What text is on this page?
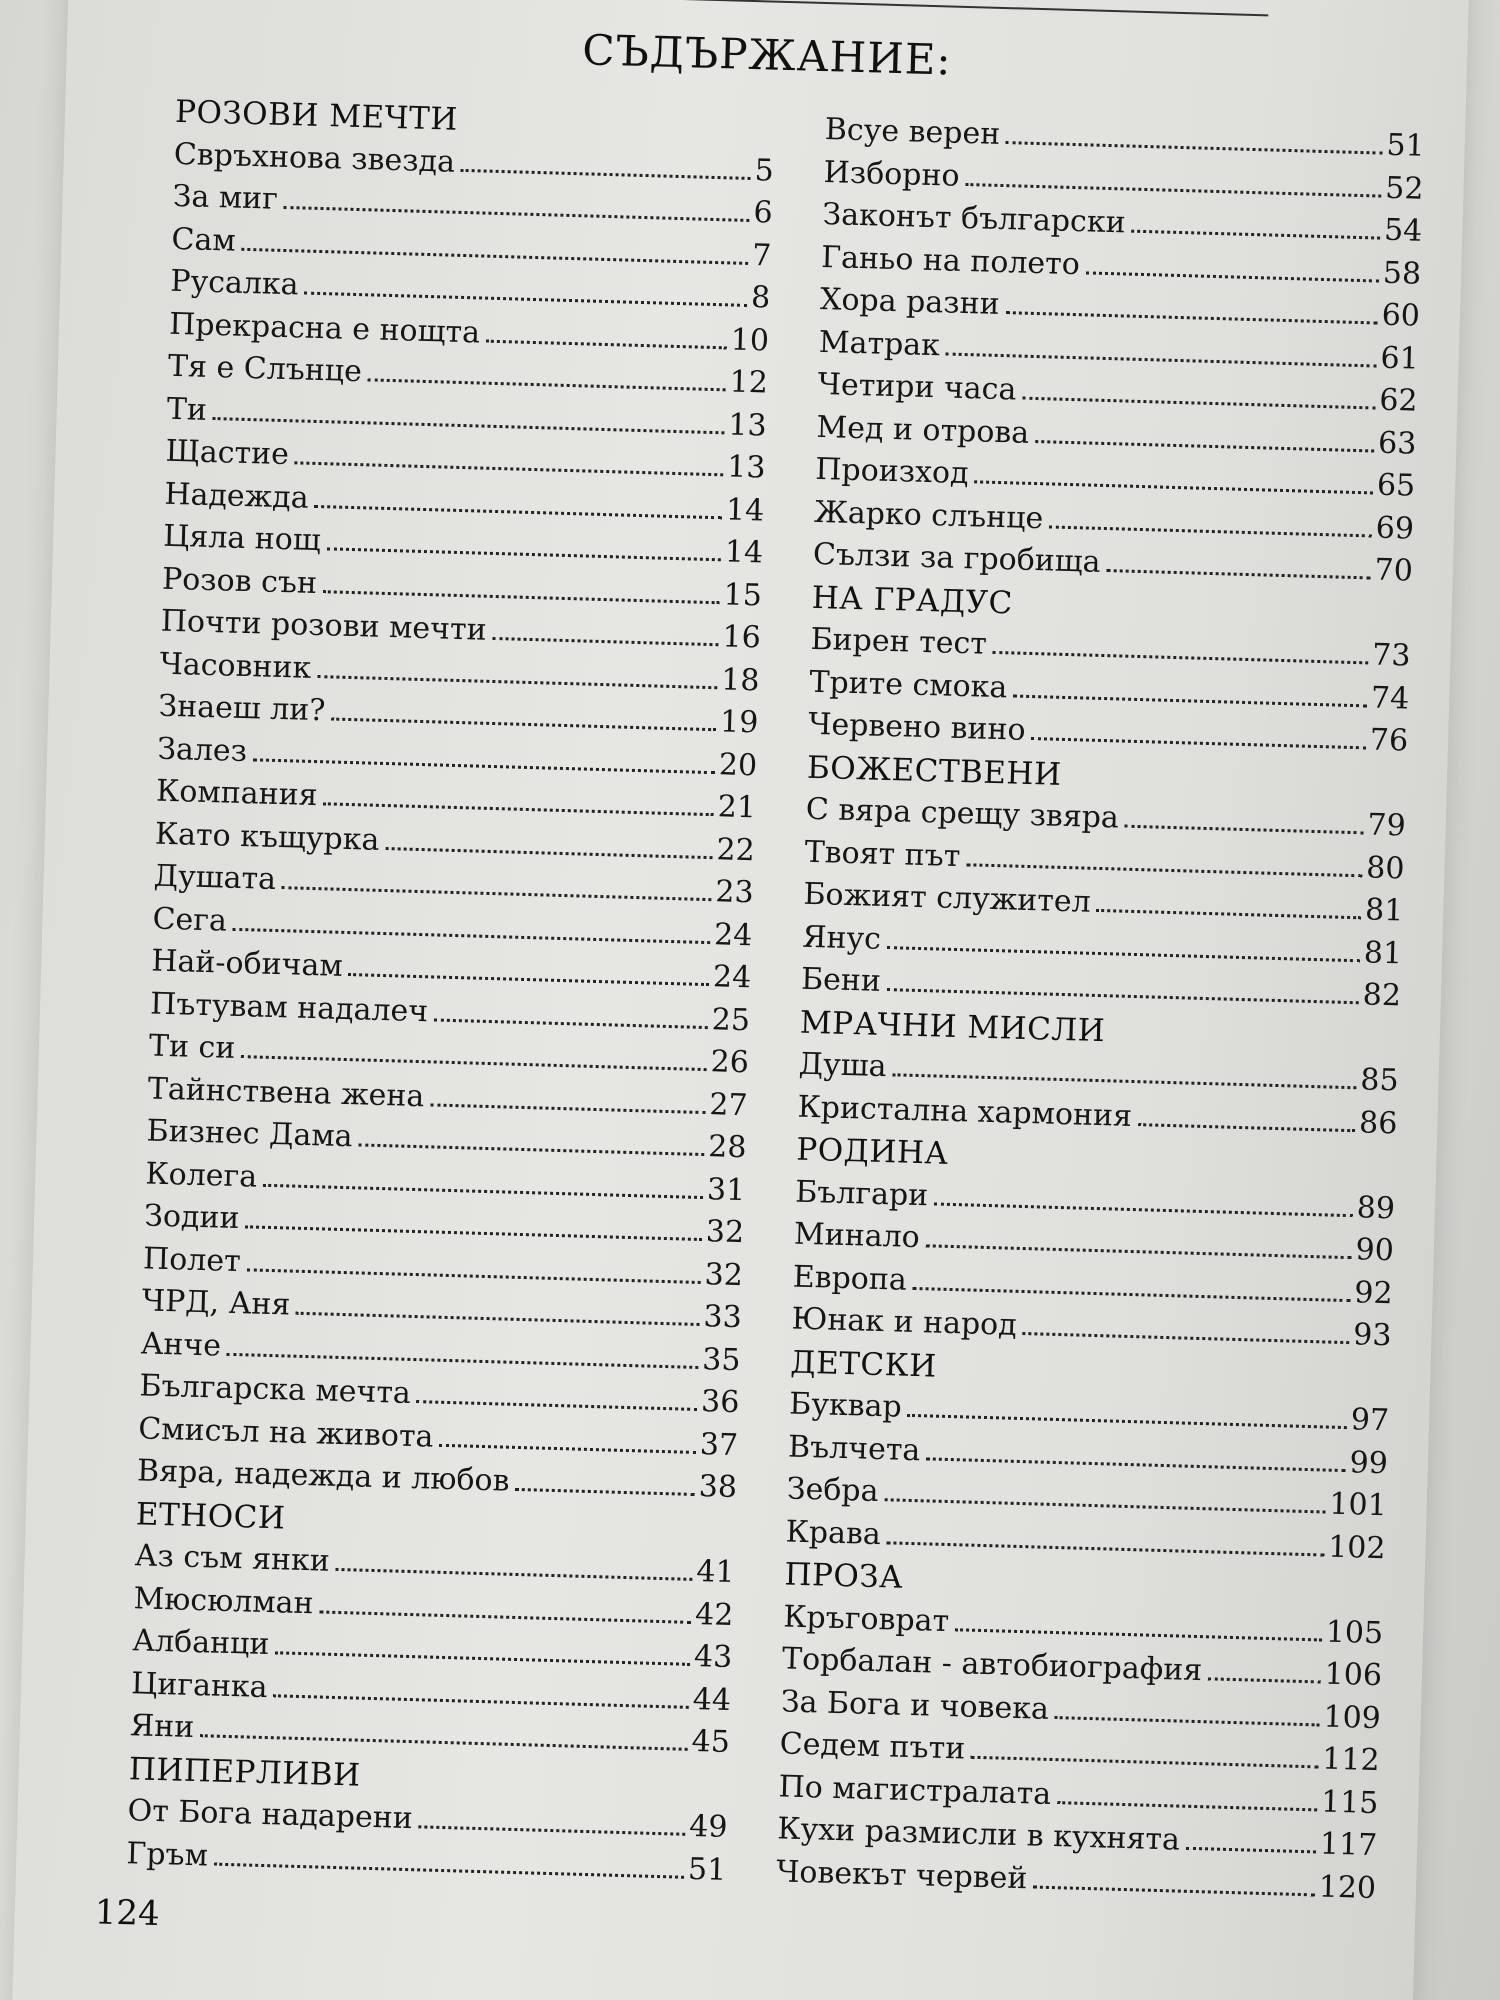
СЪДЪРЖАНИЕ:
РОЗОВИ МЕЧТИ
Свръхнова звезда	5
За миг	6
Сам	7
Русалка	8
Прекрасна е нощта	10
Тя е Слънце	12
Ти	13
Щастие	13
Надежда	14
Цяла нощ	14
Розов сън	15
Почти розови мечти	16
Часовник	18
Знаеш ли?	19
Залез	20
Компания	21
Като къщурка	22
Душата	23
Сега	24
Най-обичам	24
Пътувам надалеч	25
Ти си	26
Тайнствена жена	27
Бизнес Дама	28
Колега	31
Зодии	32
Полет	32
ЧРД, Аня	33
Анче	35
Българска мечта	36
Смисъл на живота	37
Вяра, надежда и любов	38
ЕТНОСИ
Аз съм янки	41
Мюсюлман	42
Албанци	43
Циганка	44
Яни	45
ПИПЕРЛИВИ
От Бога надарени	49
Гръм	51
Всуе верен	51
Изборно	52
Законът български	54
Ганьо на полето	58
Хора разни	60
Матрак	61
Четири часа	62
Мед и отрова	63
Произход	65
Жарко слънце	69
Сълзи за гробища	70
НА ГРАДУС
Бирен тест	73
Трите смока	74
Червено вино	76
БОЖЕСТВЕНИ
С вяра срещу звяра	79
Твоят път	80
Божият служител	81
Янус	81
Бени	82
МРАЧНИ МИСЛИ
Душа	85
Кристална хармония	86
РОДИНА
Българи	89
Минало	90
Европа	92
Юнак и народ	93
ДЕТСКИ
Буквар	97
Вълчета	99
Зебра	101
Крава	102
ПРОЗА
Кръговрат	105
Торбалан - автобиография	106
За Бога и човека	109
Седем пъти	112
По магистралата	115
Кухи размисли в кухнята	117
Човекът червей	120
124
